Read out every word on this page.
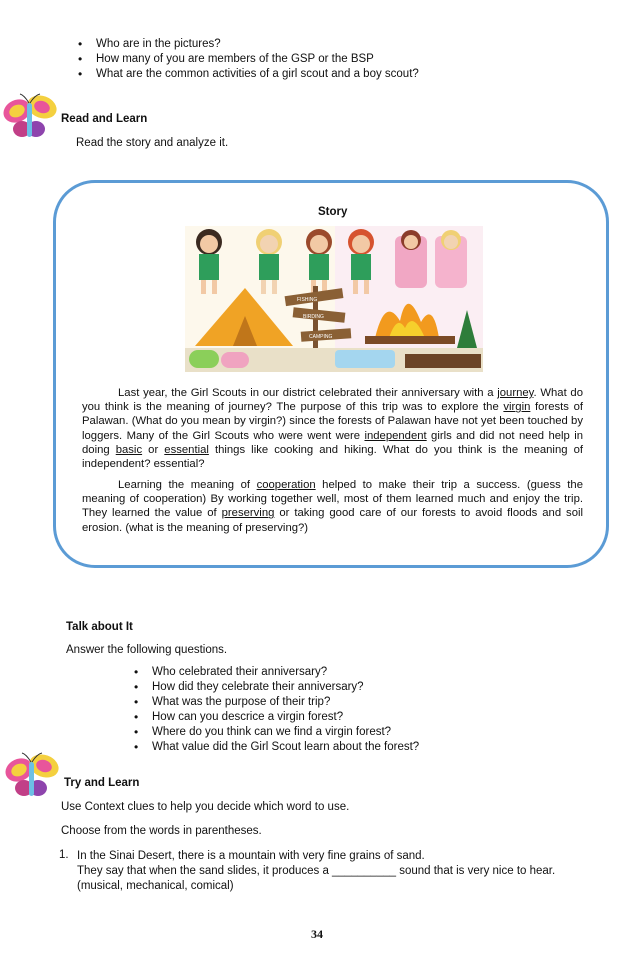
• Who are in the pictures?
• How many of you are members of the GSP or the BSP
• What are the common activities of a girl scout and a boy scout?
Read and Learn
Read the story and analyze it.
Story
FISHING
BIRDING
CAMPING
Last year, the Girl Scouts in our district celebrated their anniversary with a journey. What do you think is the meaning of journey? The purpose of this trip was to explore the virgin forests of Palawan. (What do you mean by virgin?) since the forests of Palawan have not yet been touched by loggers. Many of the Girl Scouts who were went were independent girls and did not need help in doing basic or essential things like cooking and hiking. What do you think is the meaning of independent? essential?
Learning the meaning of cooperation helped to make their trip a success. (guess the meaning of cooperation) By working together well, most of them learned much and enjoy the trip. They learned the value of preserving or taking good care of our forests to avoid floods and soil erosion. (what is the meaning of preserving?)
Talk about It
Answer the following questions.
• Who celebrated their anniversary?
• How did they celebrate their anniversary?
• What was the purpose of their trip?
• How can you descrice a virgin forest?
• Where do you think can we find a virgin forest?
• What value did the Girl Scout learn about the forest?
Try and Learn
Use Context clues to help you decide which word to use.
Choose from the words in parentheses.
1. In the Sinai Desert, there is a mountain with very fine grains of sand.
They say that when the sand slides, it produces a __________ sound that is very nice to hear.
(musical, mechanical, comical)
34
